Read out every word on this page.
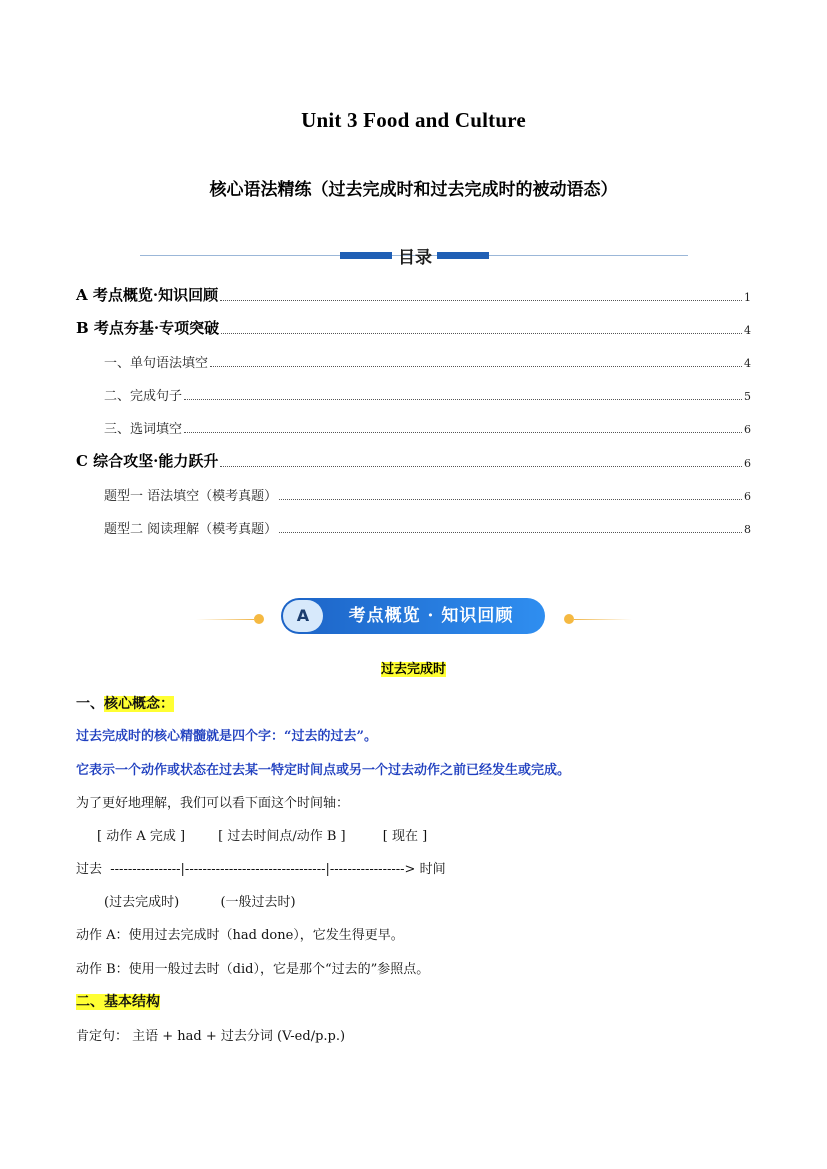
Unit 3 Food and Culture
核心语法精练（过去完成时和过去完成时的被动语态）
目录
A 考点概览·知识回顾	1
B 考点夯基·专项突破	4
一、单句语法填空	4
二、完成句子	5
三、选词填空	6
C 综合攻坚·能力跃升	6
题型一 语法填空（模考真题）	6
题型二 阅读理解（模考真题）	8
A	考点概览 · 知识回顾
过去完成时
一、核心概念：
过去完成时的核心精髓就是四个字：“过去的过去”。
它表示一个动作或状态在过去某一特定时间点或另一个过去动作之前已经发生或完成。
为了更好地理解，我们可以看下面这个时间轴：
[ 动作 A 完成 ]        [ 过去时间点/动作 B ]         [ 现在 ]
过去  ----------------|--------------------------------|-----------------> 时间
(过去完成时)          (一般过去时)
动作 A：使用过去完成时（had done），它发生得更早。
动作 B：使用一般过去时（did），它是那个“过去的”参照点。
二、基本结构
肯定句： 主语 + had + 过去分词 (V-ed/p.p.)
